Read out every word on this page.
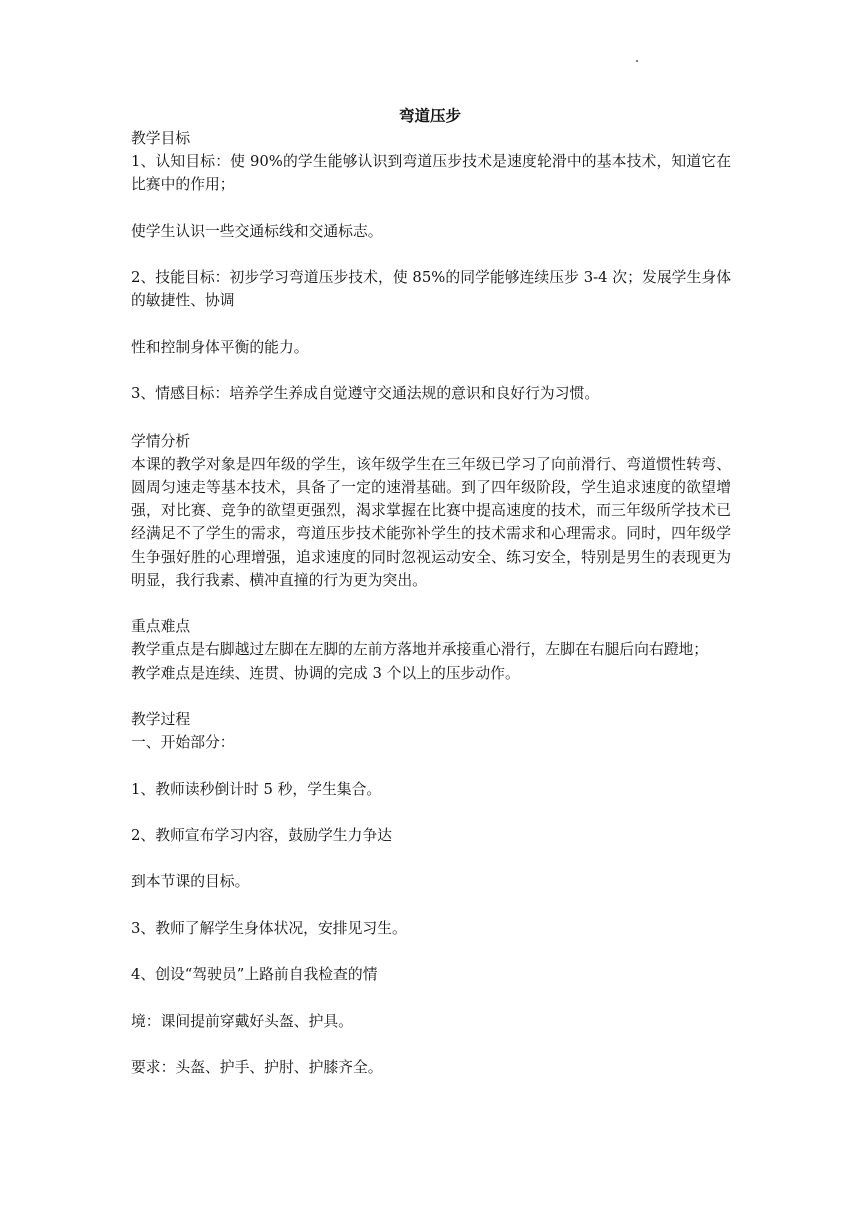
弯道压步

教学目标

1、认知目标：使 90%的学生能够认识到弯道压步技术是速度轮滑中的基本技术，知道它在比赛中的作用；

使学生认识一些交通标线和交通标志。

2、技能目标：初步学习弯道压步技术，使 85%的同学能够连续压步 3-4 次；发展学生身体的敏捷性、协调

性和控制身体平衡的能力。

3、情感目标：培养学生养成自觉遵守交通法规的意识和良好行为习惯。

学情分析

本课的教学对象是四年级的学生，该年级学生在三年级已学习了向前滑行、弯道惯性转弯、圆周匀速走等基本技术，具备了一定的速滑基础。到了四年级阶段，学生追求速度的欲望增强，对比赛、竞争的欲望更强烈，渴求掌握在比赛中提高速度的技术，而三年级所学技术已经满足不了学生的需求，弯道压步技术能弥补学生的技术需求和心理需求。同时，四年级学生争强好胜的心理增强，追求速度的同时忽视运动安全、练习安全，特别是男生的表现更为明显，我行我素、横冲直撞的行为更为突出。

重点难点

教学重点是右脚越过左脚在左脚的左前方落地并承接重心滑行，左脚在右腿后向右蹬地；

教学难点是连续、连贯、协调的完成 3 个以上的压步动作。

教学过程

一、开始部分：

1、教师读秒倒计时 5 秒，学生集合。

2、教师宣布学习内容，鼓励学生力争达

到本节课的目标。

3、教师了解学生身体状况，安排见习生。

4、创设“驾驶员”上路前自我检查的情

境：课间提前穿戴好头盔、护具。

要求：头盔、护手、护肘、护膝齐全。
